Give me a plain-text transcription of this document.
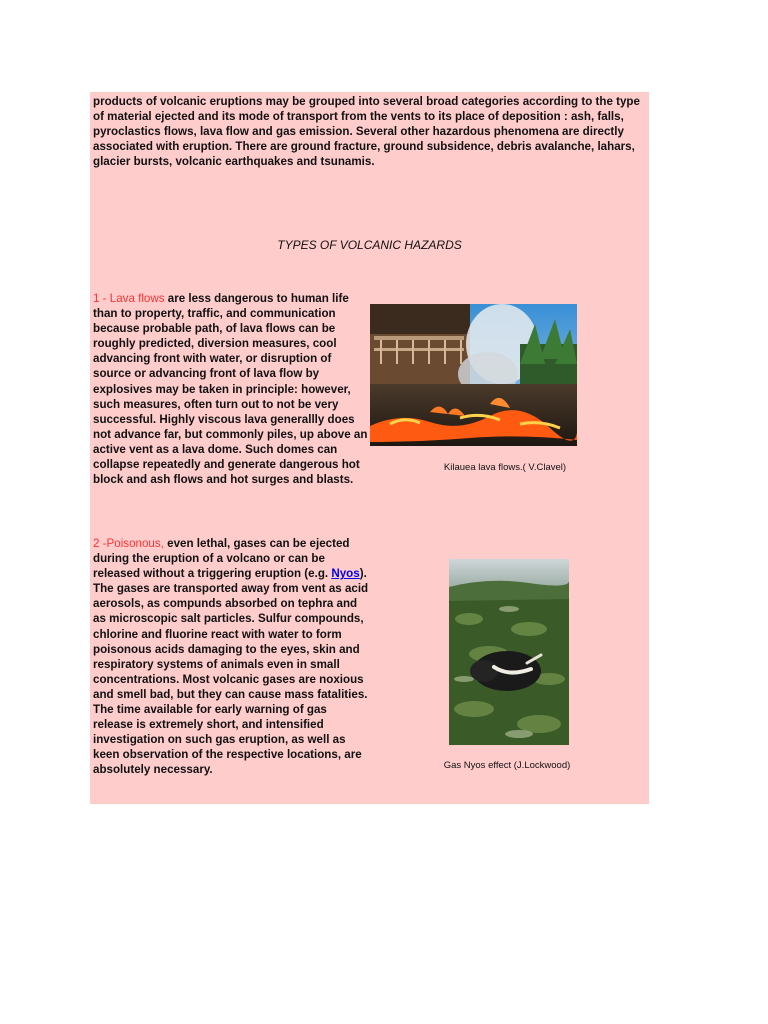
products of volcanic eruptions may be grouped into several broad categories according to the type of material ejected and its mode of transport from the vents to its place of deposition : ash, falls, pyroclastics flows, lava flow and gas emission. Several other hazardous phenomena are directly associated with eruption. There are ground fracture, ground subsidence, debris avalanche, lahars, glacier bursts, volcanic earthquakes and tsunamis.

TYPES OF VOLCANIC HAZARDS

1 - Lava flows are less dangerous to human life than to property, traffic, and communication because probable path, of lava flows can be roughly predicted, diversion measures, cool advancing front with water, or disruption of source or advancing front of lava flow by explosives may be taken in principle: however, such measures, often turn out to not be very successful. Highly viscous lava generallly does not advance far, but commonly piles, up above an active vent as a lava dome. Such domes can collapse repeatedly and generate dangerous hot block and ash flows and hot surges and blasts.

Kilauea lava flows.( V.Clavel)

2 -Poisonous, even lethal, gases can be ejected during the eruption of a volcano or can be released without a triggering eruption (e.g. Nyos). The gases are transported away from vent as acid aerosols, as compunds absorbed on tephra and as microscopic salt particles. Sulfur compounds, chlorine and fluorine react with water to form poisonous acids damaging to the eyes, skin and respiratory systems of animals even in small concentrations. Most volcanic gases are noxious and smell bad, but they can cause mass fatalities. The time available for early warning of gas release is extremely short, and intensified investigation on such gas eruption, as well as keen observation of the respective locations, are absolutely necessary.	Gas Nyos effect (J.Lockwood)
